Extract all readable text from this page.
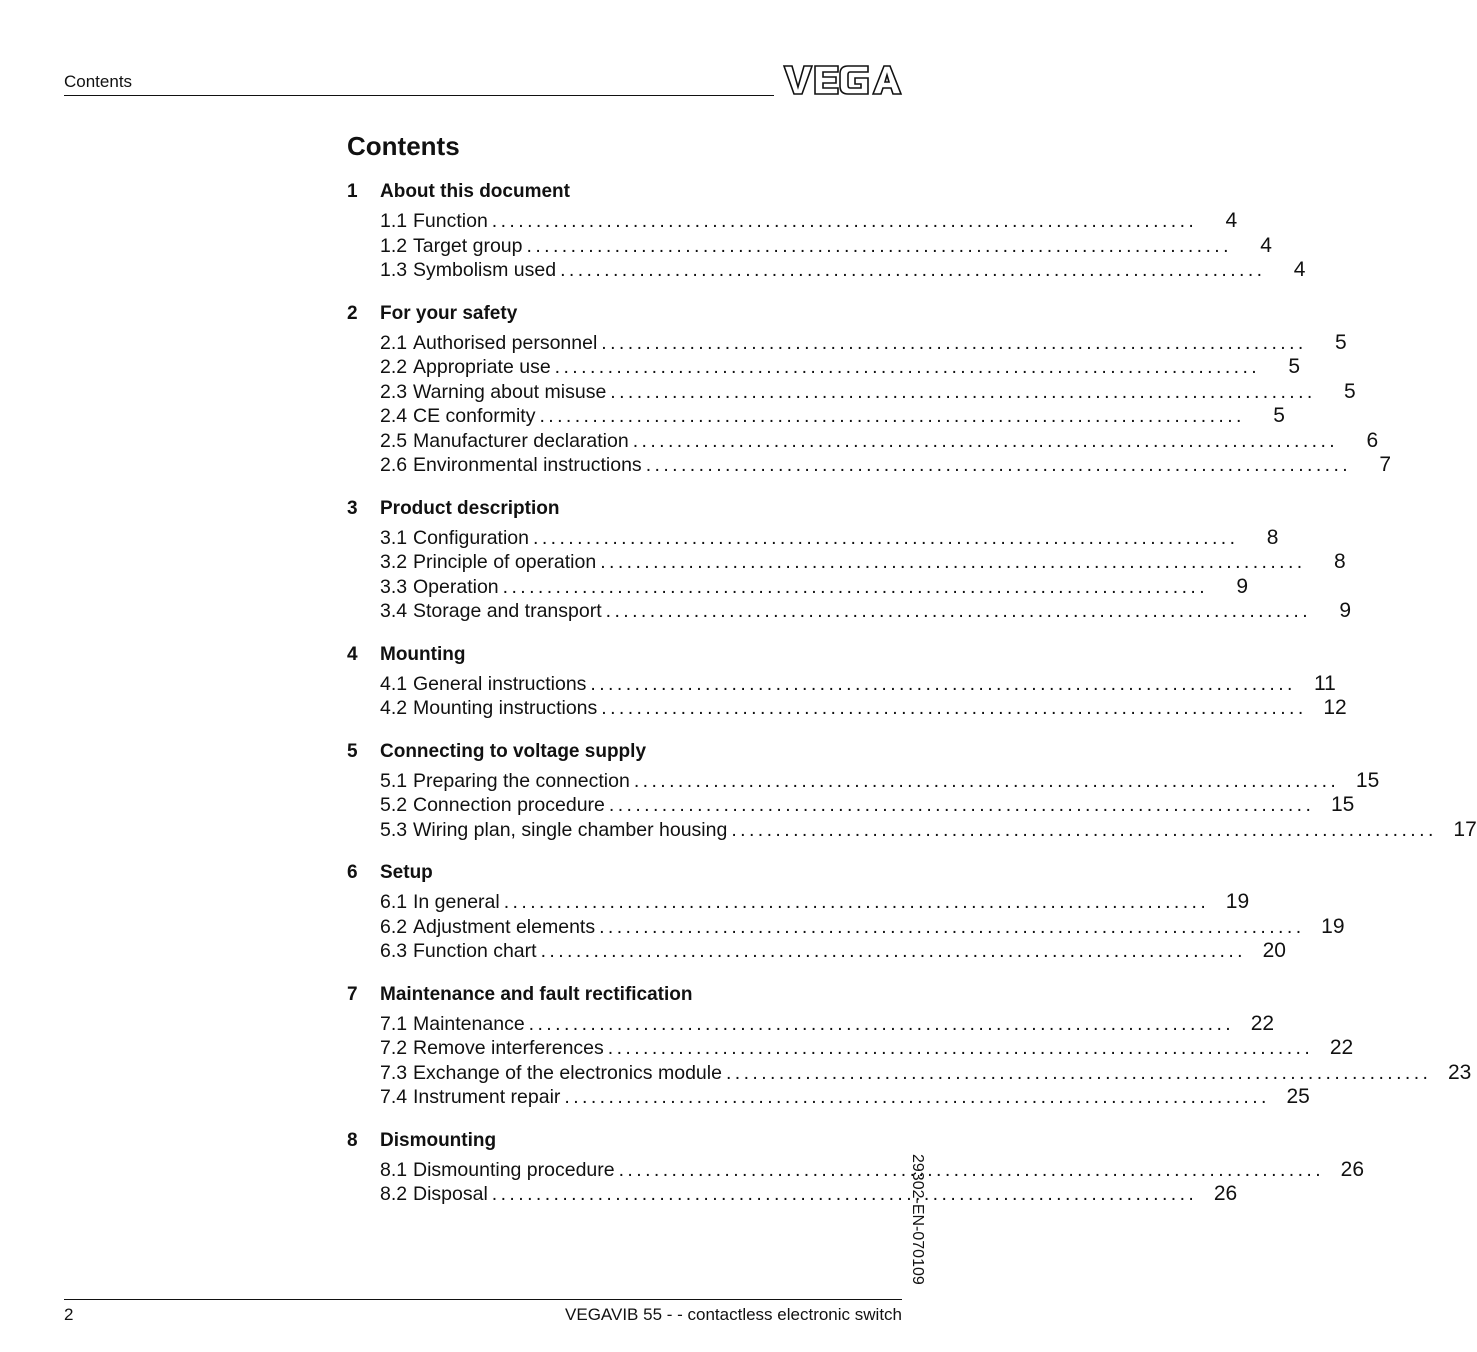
Contents
Contents
1	About this document
1.1 Function ................................................................................	4
1.2 Target group ................................................................................	4
1.3 Symbolism used ................................................................................	4
2	For your safety
2.1 Authorised personnel ................................................................................	5
2.2 Appropriate use ................................................................................	5
2.3 Warning about misuse ................................................................................	5
2.4 CE conformity ................................................................................	5
2.5 Manufacturer declaration ................................................................................	6
2.6 Environmental instructions ................................................................................	7
3	Product description
3.1 Configuration ................................................................................	8
3.2 Principle of operation ................................................................................	8
3.3 Operation ................................................................................	9
3.4 Storage and transport ................................................................................	9
4	Mounting
4.1 General instructions ................................................................................ 11
4.2 Mounting instructions ................................................................................ 12
5	Connecting to voltage supply
5.1 Preparing the connection ................................................................................ 15
5.2 Connection procedure ................................................................................ 15
5.3 Wiring plan, single chamber housing ................................................................................ 17
6	Setup
6.1 In general ................................................................................ 19
6.2 Adjustment elements ................................................................................ 19
6.3 Function chart ................................................................................ 20
7	Maintenance and fault rectification
7.1 Maintenance ................................................................................ 22
7.2 Remove interferences ................................................................................ 22
7.3 Exchange of the electronics module ................................................................................ 23
7.4 Instrument repair ................................................................................ 25
8	Dismounting
8.1 Dismounting procedure ................................................................................ 26
8.2 Disposal ................................................................................ 26
29302-EN-070109
2	VEGAVIB 55 - - contactless electronic switch
